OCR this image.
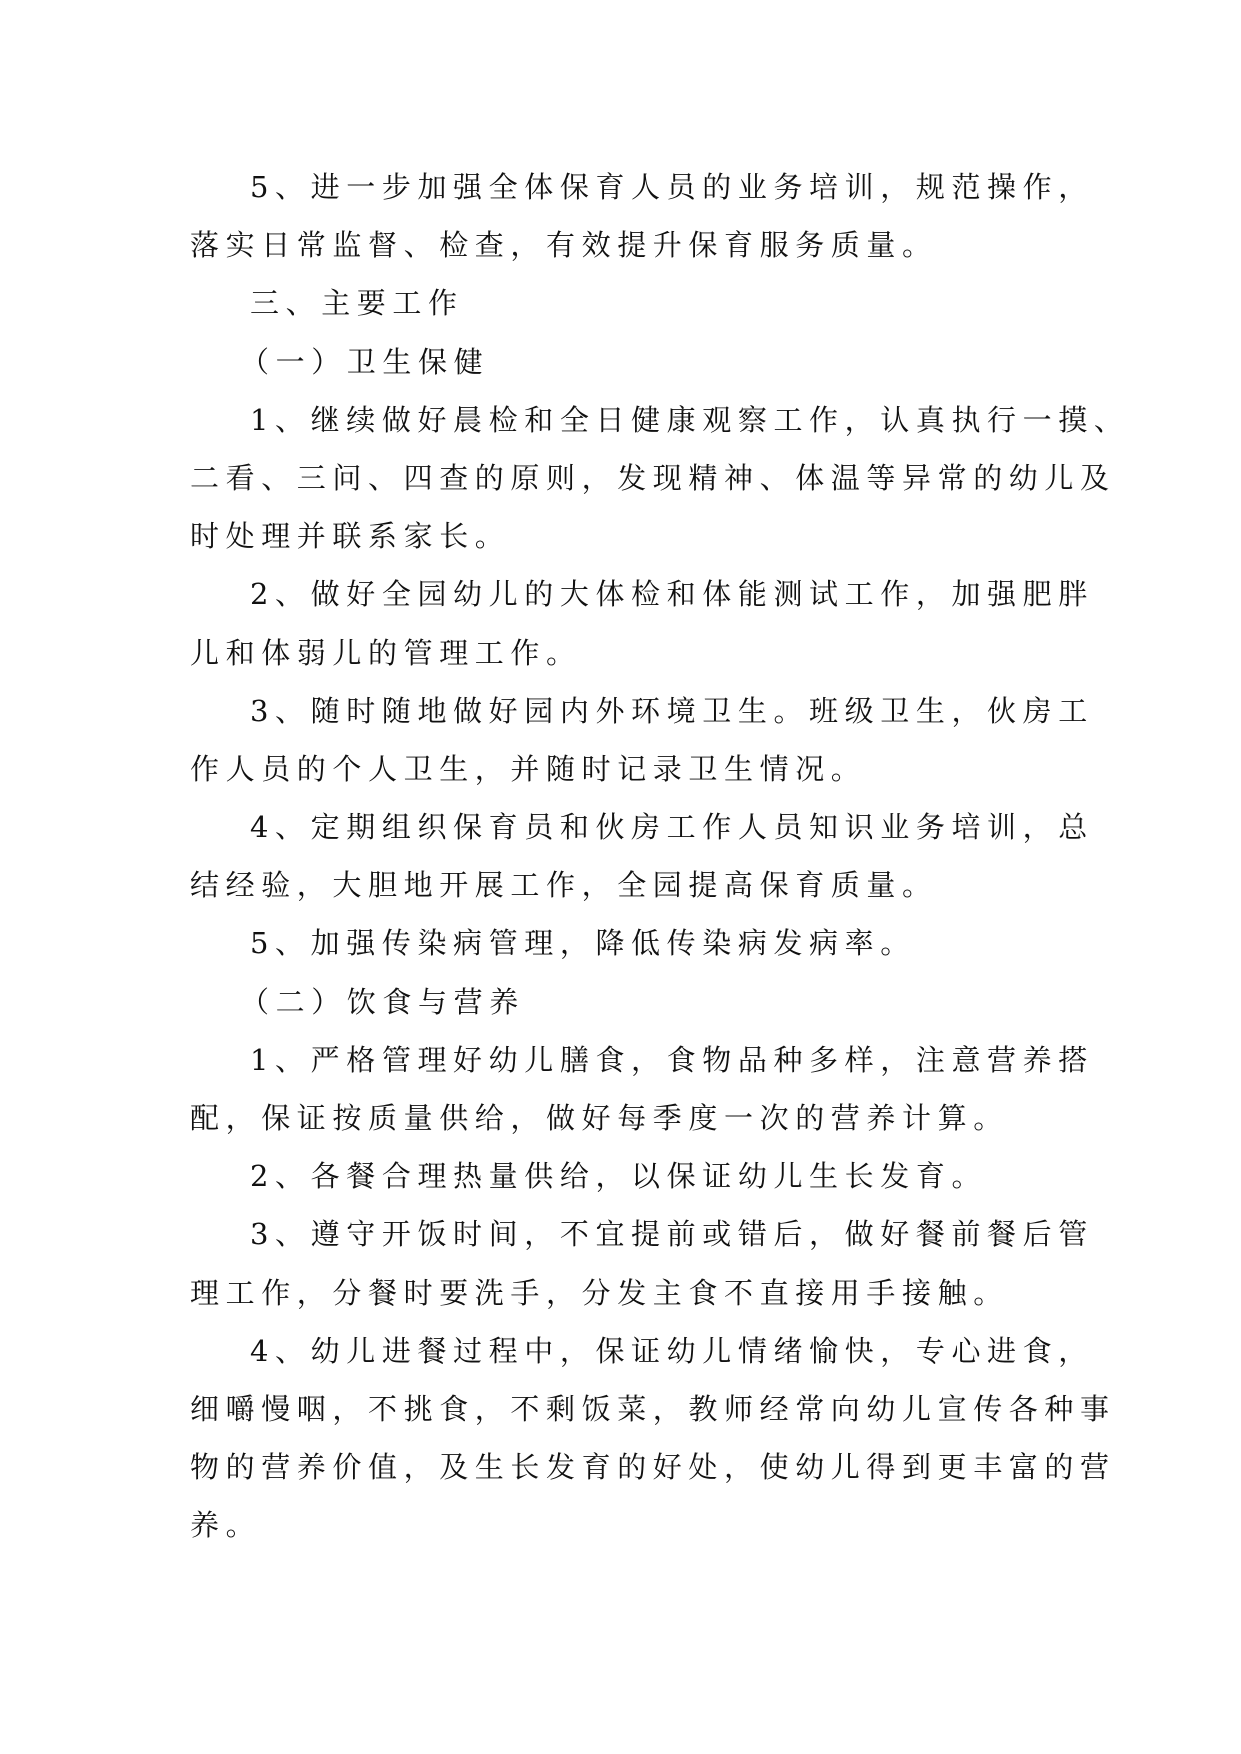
5、进一步加强全体保育人员的业务培训，规范操作，
落实日常监督、检查，有效提升保育服务质量。
三、主要工作
（一）卫生保健
1、继续做好晨检和全日健康观察工作，认真执行一摸、
二看、三问、四查的原则，发现精神、体温等异常的幼儿及
时处理并联系家长。
2、做好全园幼儿的大体检和体能测试工作，加强肥胖
儿和体弱儿的管理工作。
3、随时随地做好园内外环境卫生。班级卫生，伙房工
作人员的个人卫生，并随时记录卫生情况。
4、定期组织保育员和伙房工作人员知识业务培训，总
结经验，大胆地开展工作，全园提高保育质量。
5、加强传染病管理，降低传染病发病率。
（二）饮食与营养
1、严格管理好幼儿膳食，食物品种多样，注意营养搭
配，保证按质量供给，做好每季度一次的营养计算。
2、各餐合理热量供给，以保证幼儿生长发育。
3、遵守开饭时间，不宜提前或错后，做好餐前餐后管
理工作，分餐时要洗手，分发主食不直接用手接触。
4、幼儿进餐过程中，保证幼儿情绪愉快，专心进食，
细嚼慢咽，不挑食，不剩饭菜，教师经常向幼儿宣传各种事
物的营养价值，及生长发育的好处，使幼儿得到更丰富的营
养。
